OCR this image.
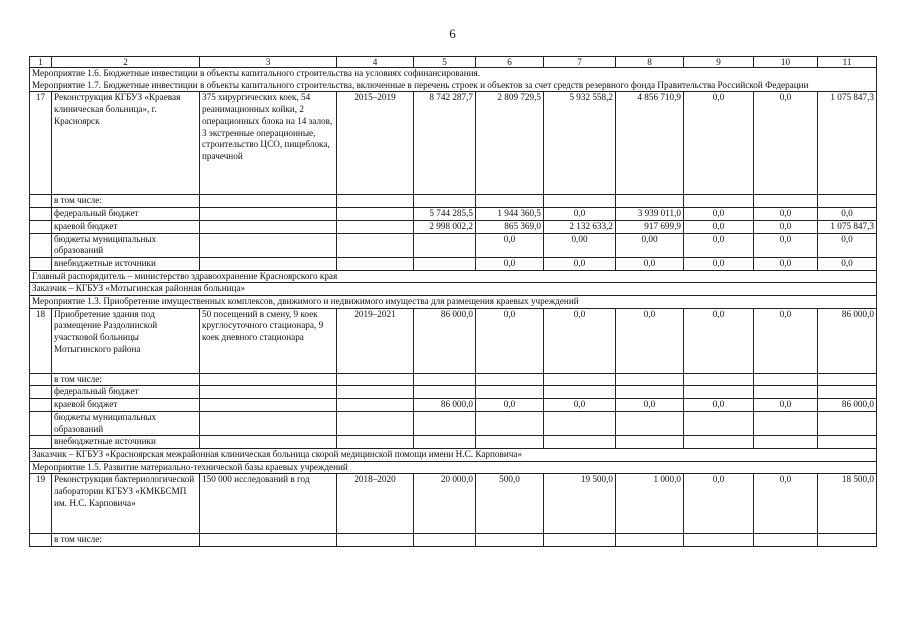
6
1	2	3	4	5	6	7	8	9	10	11

Мероприятие 1.6. Бюджетные инвестиции в объекты капитального строительства на условиях софинансирования.
Мероприятие 1.7. Бюджетные инвестиции в объекты капитального строительства, включенные в перечень строек и объектов за счет средств резервного фонда Правительства Российской Федерации										

17	Реконструкция КГБУЗ «Краевая клиническая больница», г. Красноярск	375 хирургических коек, 54 реанимационных койки, 2 операционных блока на 14 залов, 3 экстренные операционные, строительство ЦСО, пищеблока, прачечной	2015–2019	8 742 287,7	2 809 729,5	5 932 558,2	4 856 710,9	0,0	0,0	1 075 847,3
	в том числе:									
	федеральный бюджет			5 744 285,5	1 944 360,5	0,0	3 939 011,0	0,0	0,0	0,0
	краевой бюджет			2 998 002,2	865 369,0	2 132 633,2	917 699,9	0,0	0,0	1 075 847,3
	бюджеты муниципальных образований				0,0	0,00	0,00	0,0	0,0	0,0
	внебюджетные источники				0,0	0,0	0,0	0,0	0,0	0,0
Главный распорядитель – министерство здравоохранение Красноярского края										
Заказчик – КГБУЗ «Мотыгинская районная больница»										
Мероприятие 1.3. Приобретение имущественных комплексов, движимого и недвижимого имущества для размещения краевых учреждений										
18	Приобретение здания под размещение Раздолинской участковой больницы Мотыгинского района	50 посещений в смену, 9 коек круглосуточного стационара, 9 коек дневного стационара	2019–2021	86 000,0	0,0	0,0	0,0	0,0	0,0	86 000,0
	в том числе:									
	федеральный бюджет									
	краевой бюджет			86 000,0	0,0	0,0	0,0	0,0	0,0	86 000,0
	бюджеты муниципальных образований									
	внебюджетные источники									
Заказчик – КГБУЗ «Красноярская межрайонная клиническая больница скорой медицинской помощи имени Н.С. Карповича»										
Мероприятие 1.5. Развитие материально-технической базы краевых учреждений										
19	Реконструкция бактериологической лаборатории КГБУЗ «КМКБСМП им. Н.С. Карповича»	150 000 исследований в год	2018–2020	20 000,0	500,0	19 500,0	1 000,0	0,0	0,0	18 500,0
	в том числе:									
